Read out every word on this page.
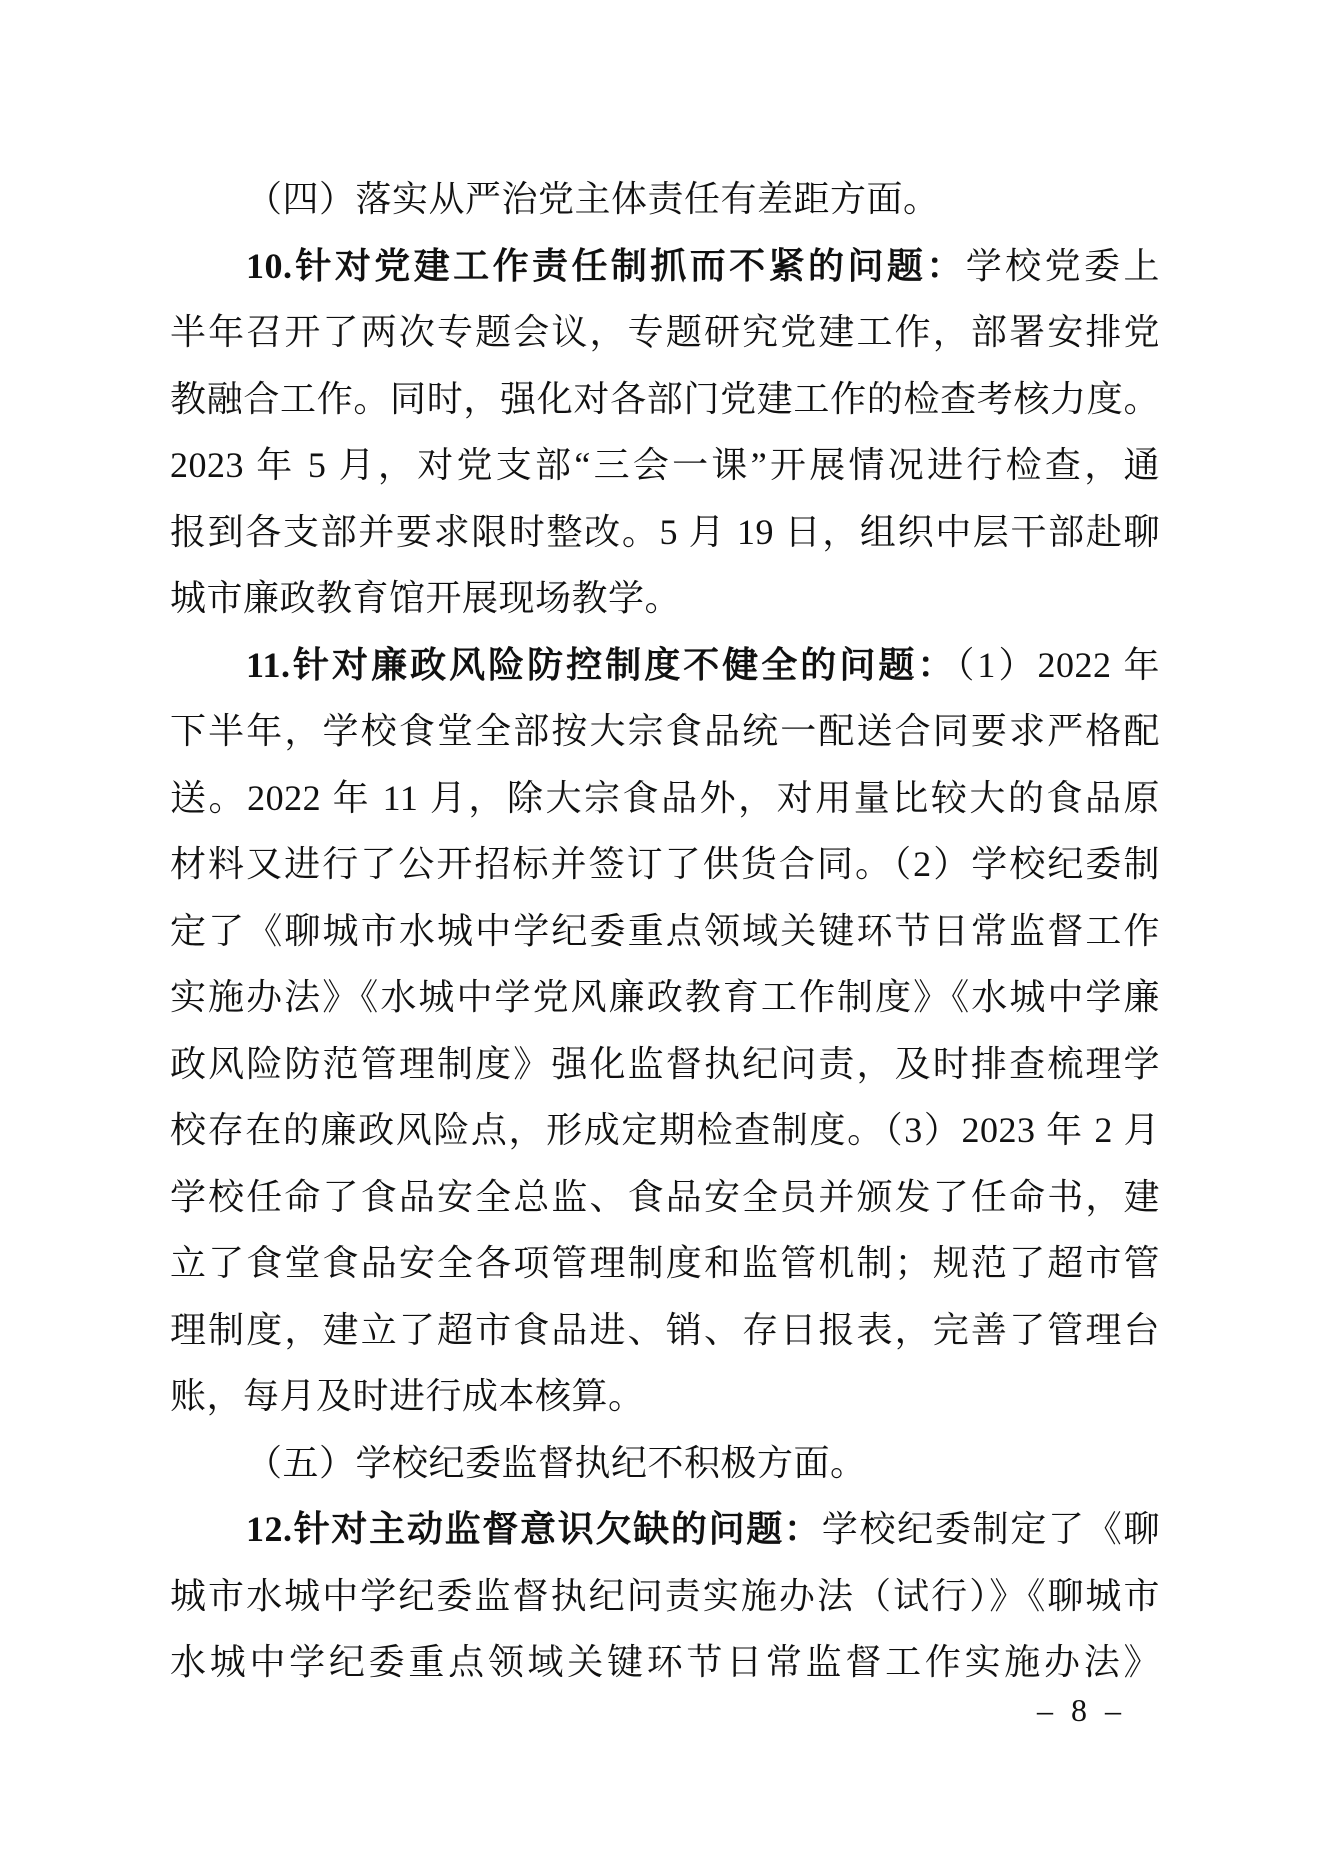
（四）落实从严治党主体责任有差距方面。
10.针对党建工作责任制抓而不紧的问题：学校党委上
半年召开了两次专题会议，专题研究党建工作，部署安排党
教融合工作。同时，强化对各部门党建工作的检查考核力度。
2023 年 5 月，对党支部“三会一课”开展情况进行检查，通
报到各支部并要求限时整改。5 月 19 日，组织中层干部赴聊
城市廉政教育馆开展现场教学。
11.针对廉政风险防控制度不健全的问题：（1）2022 年
下半年，学校食堂全部按大宗食品统一配送合同要求严格配
送。2022 年 11 月，除大宗食品外，对用量比较大的食品原
材料又进行了公开招标并签订了供货合同。（2）学校纪委制
定了《聊城市水城中学纪委重点领域关键环节日常监督工作
实施办法》《水城中学党风廉政教育工作制度》《水城中学廉
政风险防范管理制度》强化监督执纪问责，及时排查梳理学
校存在的廉政风险点，形成定期检查制度。（3）2023 年 2 月
学校任命了食品安全总监、食品安全员并颁发了任命书，建
立了食堂食品安全各项管理制度和监管机制；规范了超市管
理制度，建立了超市食品进、销、存日报表，完善了管理台
账，每月及时进行成本核算。
（五）学校纪委监督执纪不积极方面。
12.针对主动监督意识欠缺的问题：学校纪委制定了《聊
城市水城中学纪委监督执纪问责实施办法（试行）》《聊城市
水城中学纪委重点领域关键环节日常监督工作实施办法》
– 8 –
